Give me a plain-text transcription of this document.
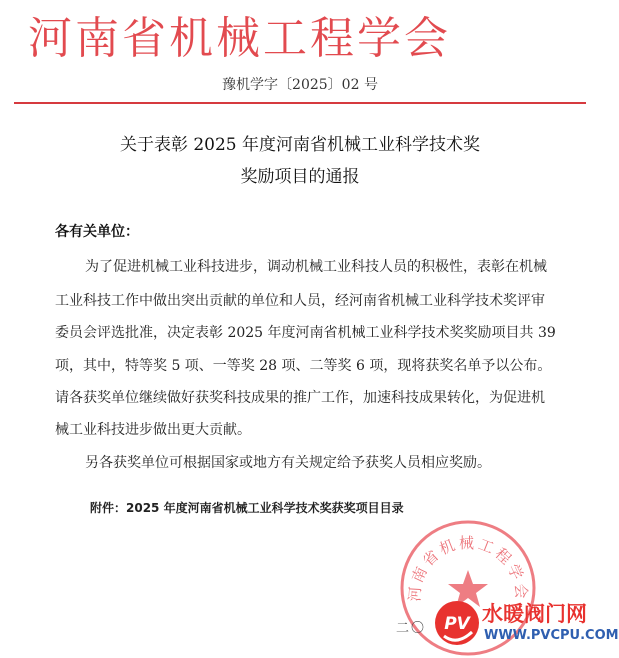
河南省机械工程学会
豫机学字〔2025〕02 号
关于表彰 2025 年度河南省机械工业科学技术奖
奖励项目的通报
各有关单位：
为了促进机械工业科技进步，调动机械工业科技人员的积极性，表彰在机械
工业科技工作中做出突出贡献的单位和人员，经河南省机械工业科学技术奖评审
委员会评选批准，决定表彰 2025 年度河南省机械工业科学技术奖奖励项目共 39
项，其中，特等奖 5 项、一等奖 28 项、二等奖 6 项，现将获奖名单予以公布。
请各获奖单位继续做好获奖科技成果的推广工作，加速科技成果转化，为促进机
械工业科技进步做出更大贡献。
另各获奖单位可根据国家或地方有关规定给予获奖人员相应奖励。
附件：2025 年度河南省机械工业科学技术奖获奖项目目录
河南省机械工程学会
二〇 PV 水暖阀门网
WWW.PVCPU.COM
